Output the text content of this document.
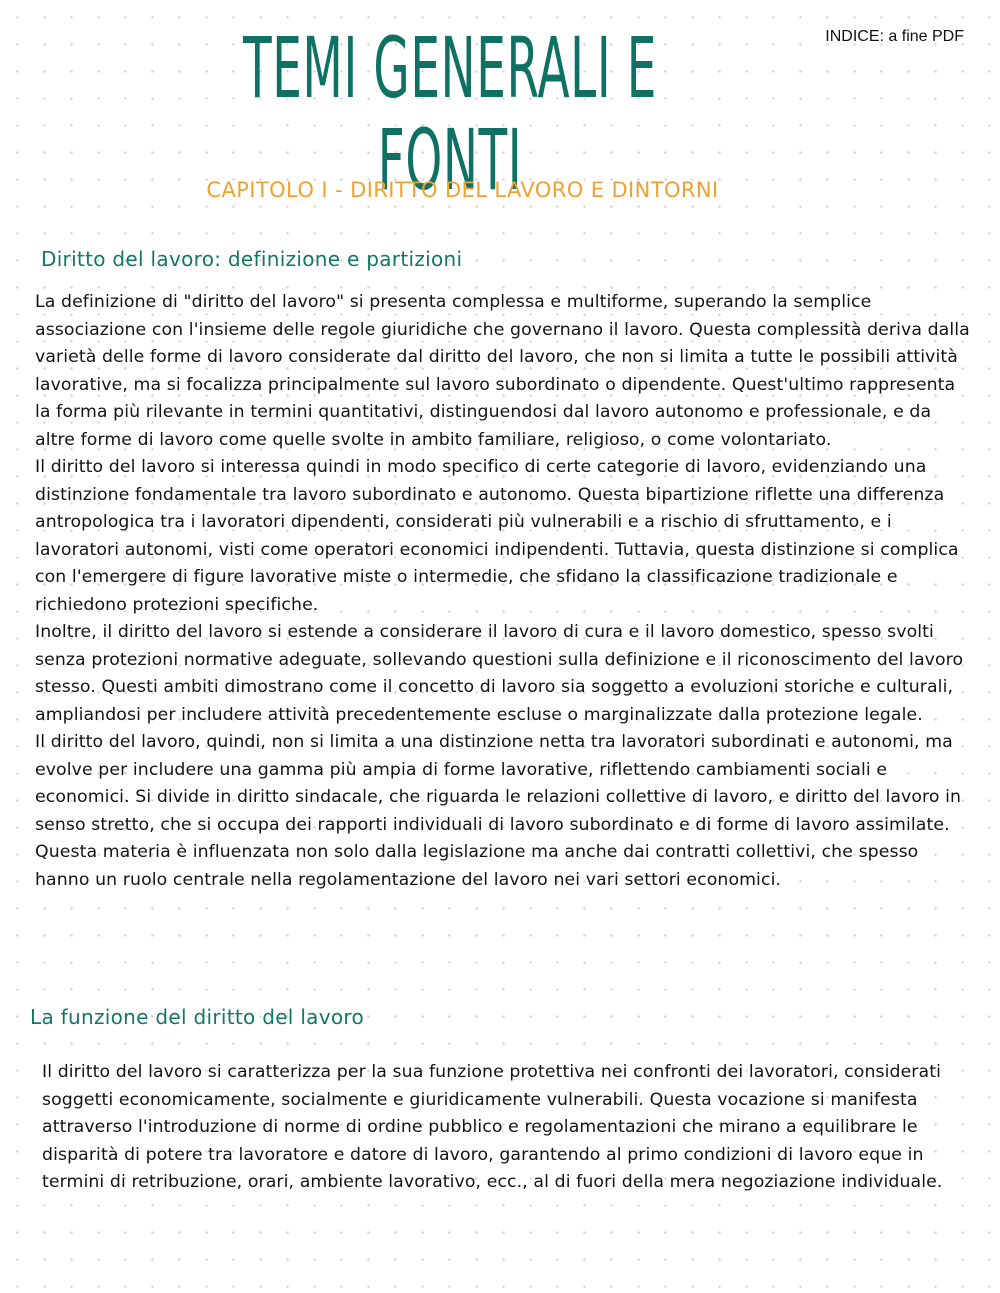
INDICE: a fine PDF
TEMI GENERALI E FONTI
CAPITOLO I - DIRITTO DEL LAVORO E DINTORNI
Diritto del lavoro: definizione e partizioni

La definizione di "diritto del lavoro" si presenta complessa e multiforme, superando la semplice associazione con l'insieme delle regole giuridiche che governano il lavoro. Questa complessità deriva dalla varietà delle forme di lavoro considerate dal diritto del lavoro, che non si limita a tutte le possibili attività lavorative, ma si focalizza principalmente sul lavoro subordinato o dipendente. Quest'ultimo rappresenta la forma più rilevante in termini quantitativi, distinguendosi dal lavoro autonomo e professionale, e da altre forme di lavoro come quelle svolte in ambito familiare, religioso, o come volontariato.

Il diritto del lavoro si interessa quindi in modo specifico di certe categorie di lavoro, evidenziando una distinzione fondamentale tra lavoro subordinato e autonomo. Questa bipartizione riflette una differenza antropologica tra i lavoratori dipendenti, considerati più vulnerabili e a rischio di sfruttamento, e i lavoratori autonomi, visti come operatori economici indipendenti. Tuttavia, questa distinzione si complica con l'emergere di figure lavorative miste o intermedie, che sfidano la classificazione tradizionale e richiedono protezioni specifiche.

Inoltre, il diritto del lavoro si estende a considerare il lavoro di cura e il lavoro domestico, spesso svolti senza protezioni normative adeguate, sollevando questioni sulla definizione e il riconoscimento del lavoro stesso. Questi ambiti dimostrano come il concetto di lavoro sia soggetto a evoluzioni storiche e culturali, ampliandosi per includere attività precedentemente escluse o marginalizzate dalla protezione legale.

Il diritto del lavoro, quindi, non si limita a una distinzione netta tra lavoratori subordinati e autonomi, ma evolve per includere una gamma più ampia di forme lavorative, riflettendo cambiamenti sociali e economici. Si divide in diritto sindacale, che riguarda le relazioni collettive di lavoro, e diritto del lavoro in senso stretto, che si occupa dei rapporti individuali di lavoro subordinato e di forme di lavoro assimilate. Questa materia è influenzata non solo dalla legislazione ma anche dai contratti collettivi, che spesso hanno un ruolo centrale nella regolamentazione del lavoro nei vari settori economici.

La funzione del diritto del lavoro

Il diritto del lavoro si caratterizza per la sua funzione protettiva nei confronti dei lavoratori, considerati soggetti economicamente, socialmente e giuridicamente vulnerabili. Questa vocazione si manifesta attraverso l'introduzione di norme di ordine pubblico e regolamentazioni che mirano a equilibrare le disparità di potere tra lavoratore e datore di lavoro, garantendo al primo condizioni di lavoro eque in termini di retribuzione, orari, ambiente lavorativo, ecc., al di fuori della mera negoziazione individuale.
